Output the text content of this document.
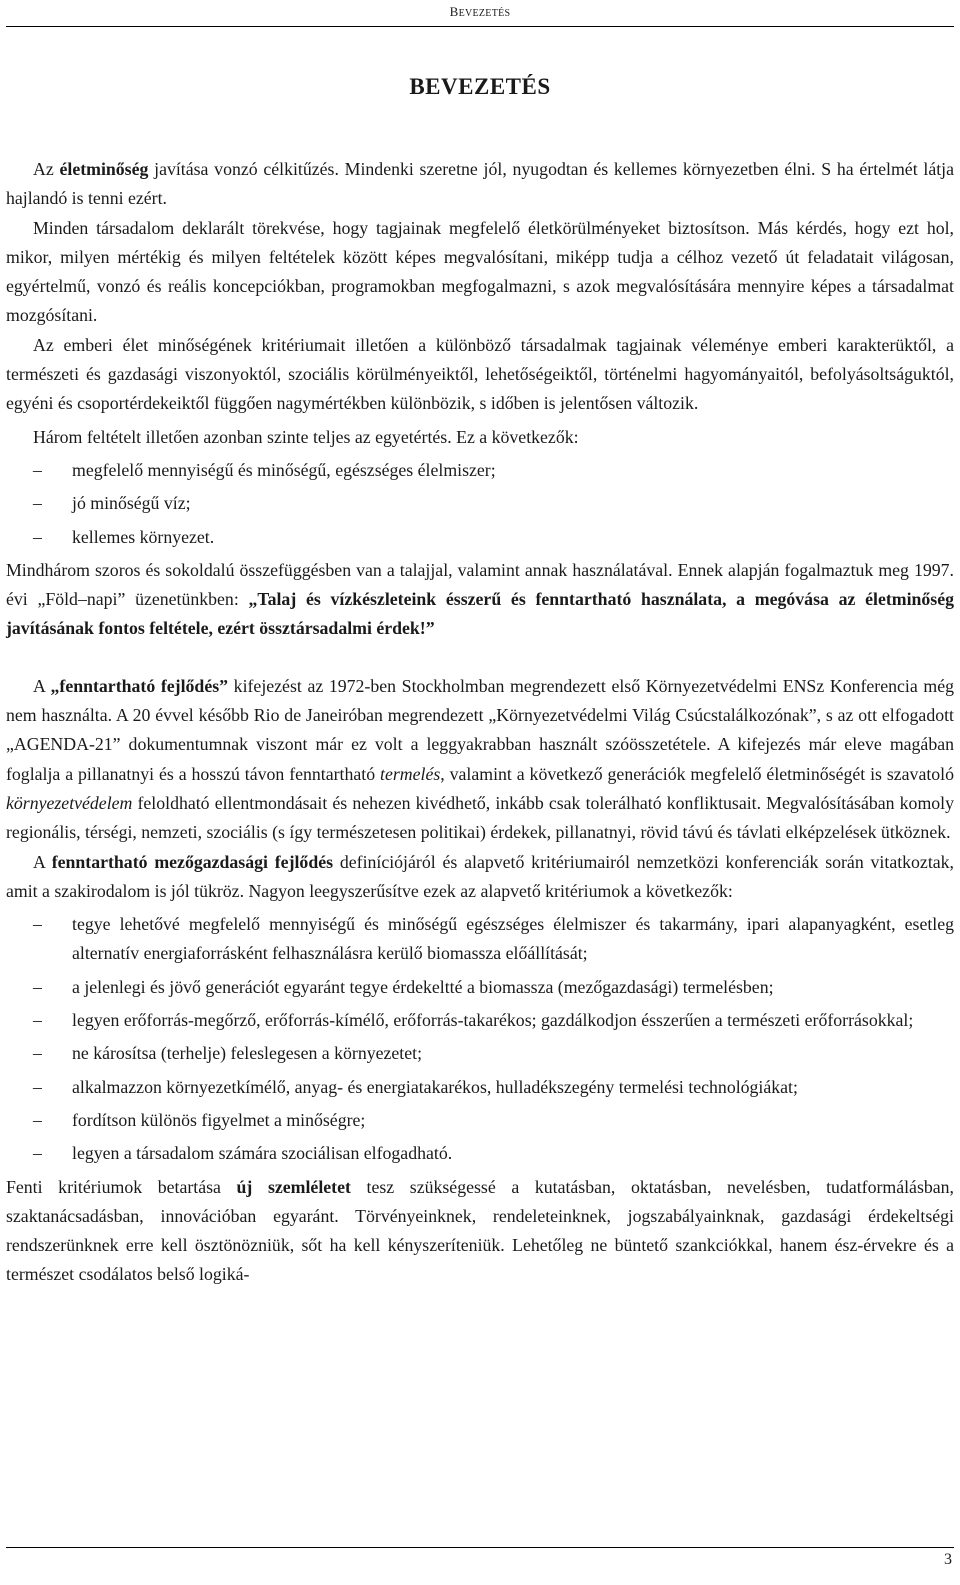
BEVEZETÉS
BEVEZETÉS

Az életminőség javítása vonzó célkitűzés. Mindenki szeretne jól, nyugodtan és kellemes környezetben élni. S ha értelmét látja hajlandó is tenni ezért.

Minden társadalom deklarált törekvése, hogy tagjainak megfelelő életkörülményeket biztosítson. Más kérdés, hogy ezt hol, mikor, milyen mértékig és milyen feltételek között képes megvalósítani, miképp tudja a célhoz vezető út feladatait világosan, egyértelmű, vonzó és reális koncepciókban, programokban megfogalmazni, s azok megvalósítására mennyire képes a társadalmat mozgósítani.

Az emberi élet minőségének kritériumait illetően a különböző társadalmak tagjainak véleménye emberi karakterüktől, a természeti és gazdasági viszonyoktól, szociális körülményeiktől, lehetőségeiktől, történelmi hagyományaitól, befolyásoltságuktól, egyéni és csoportérdekeiktől függően nagymértékben különbözik, s időben is jelentősen változik.

Három feltételt illetően azonban szinte teljes az egyetértés. Ez a következők:

– megfelelő mennyiségű és minőségű, egészséges élelmiszer;
– jó minőségű víz;
– kellemes környezet.

Mindhárom szoros és sokoldalú összefüggésben van a talajjal, valamint annak használatával. Ennek alapján fogalmaztuk meg 1997. évi „Föld–napi” üzenetünkben: „Talaj és vízkészleteink ésszerű és fenntartható használata, a megóvása az életminőség javításának fontos feltétele, ezért össztársadalmi érdek!”

A „fenntartható fejlődés” kifejezést az 1972-ben Stockholmban megrendezett első Környezetvédelmi ENSz Konferencia még nem használta. A 20 évvel később Rio de Janeiróban megrendezett „Környezetvédelmi Világ Csúcstalálkozónak”, s az ott elfogadott „AGENDA-21” dokumentumnak viszont már ez volt a leggyakrabban használt szóösszetétele. A kifejezés már eleve magában foglalja a pillanatnyi és a hosszú távon fenntartható termelés, valamint a következő generációk megfelelő életminőségét is szavatoló környezetvédelem feloldható ellentmondásait és nehezen kivédhető, inkább csak tolerálható konfliktusait. Megvalósításában komoly regionális, térségi, nemzeti, szociális (s így természetesen politikai) érdekek, pillanatnyi, rövid távú és távlati elképzelések ütköznek.

A fenntartható mezőgazdasági fejlődés definíciójáról és alapvető kritériumairól nemzetközi konferenciák során vitatkoztak, amit a szakirodalom is jól tükröz. Nagyon leegyszerűsítve ezek az alapvető kritériumok a következők:

– tegye lehetővé megfelelő mennyiségű és minőségű egészséges élelmiszer és takarmány, ipari alapanyagként, esetleg alternatív energiaforrásként felhasználásra kerülő biomassza előállítását;
– a jelenlegi és jövő generációt egyaránt tegye érdekeltté a biomassza (mezőgazdasági) termelésben;
– legyen erőforrás-megőrző, erőforrás-kímélő, erőforrás-takarékos; gazdálkodjon ésszerűen a természeti erőforrásokkal;
– ne károsítsa (terhelje) feleslegesen a környezetet;
– alkalmazzon környezetkímélő, anyag- és energiatakarékos, hulladékszegény termelési technológiákat;
– fordítson különös figyelmet a minőségre;
– legyen a társadalom számára szociálisan elfogadható.

Fenti kritériumok betartása új szemléletet tesz szükségessé a kutatásban, oktatásban, nevelésben, tudatformálásban, szaktanácsadásban, innovációban egyaránt. Törvényeinknek, rendeleteinknek, jogszabályainknak, gazdasági érdekeltségi rendszerünknek erre kell ösztönözniük, sőt ha kell kényszeríteniük. Lehetőleg ne büntető szankciókkal, hanem ész-érvekre és a természet csodálatos belső logiká-

3
